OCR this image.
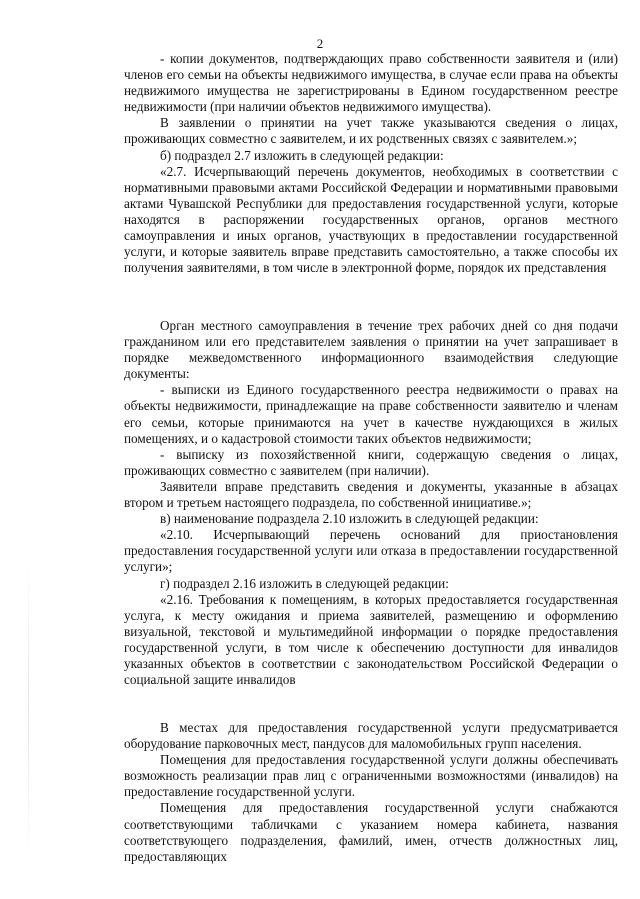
2

- копии документов, подтверждающих право собственности заявителя и (или) членов его семьи на объекты недвижимого имущества, в случае если права на объекты недвижимого имущества не зарегистрированы в Едином государственном реестре недвижимости (при наличии объектов недвижимого имущества).

В заявлении о принятии на учет также указываются сведения о лицах, проживающих совместно с заявителем, и их родственных связях с заявителем.»;

б) подраздел 2.7 изложить в следующей редакции:

«2.7. Исчерпывающий перечень документов, необходимых в соответствии с нормативными правовыми актами Российской Федерации и нормативными правовыми актами Чувашской Республики для предоставления государственной услуги, которые находятся в распоряжении государственных органов, органов местного самоуправления и иных органов, участвующих в предоставлении государственной услуги, и которые заявитель вправе представить самостоятельно, а также способы их получения заявителями, в том числе в электронной форме, порядок их представления

Орган местного самоуправления в течение трех рабочих дней со дня подачи гражданином или его представителем заявления о принятии на учет запрашивает в порядке межведомственного информационного взаимодействия следующие документы:

- выписки из Единого государственного реестра недвижимости о правах на объекты недвижимости, принадлежащие на праве собственности заявителю и членам его семьи, которые принимаются на учет в качестве нуждающихся в жилых помещениях, и о кадастровой стоимости таких объектов недвижимости;

- выписку из похозяйственной книги, содержащую сведения о лицах, проживающих совместно с заявителем (при наличии).

Заявители вправе представить сведения и документы, указанные в абзацах втором и третьем настоящего подраздела, по собственной инициативе.»;

в) наименование подраздела 2.10 изложить в следующей редакции:

«2.10. Исчерпывающий перечень оснований для приостановления предоставления государственной услуги или отказа в предоставлении государственной услуги»;

г) подраздел 2.16 изложить в следующей редакции:

«2.16. Требования к помещениям, в которых предоставляется государственная услуга, к месту ожидания и приема заявителей, размещению и оформлению визуальной, текстовой и мультимедийной информации о порядке предоставления государственной услуги, в том числе к обеспечению доступности для инвалидов указанных объектов в соответствии с законодательством Российской Федерации о социальной защите инвалидов

В местах для предоставления государственной услуги предусматривается оборудование парковочных мест, пандусов для маломобильных групп населения.

Помещения для предоставления государственной услуги должны обеспечивать возможность реализации прав лиц с ограниченными возможностями (инвалидов) на предоставление государственной услуги.

Помещения для предоставления государственной услуги снабжаются соответствующими табличками с указанием номера кабинета, названия соответствующего подразделения, фамилий, имен, отчеств должностных лиц, предоставляющих
